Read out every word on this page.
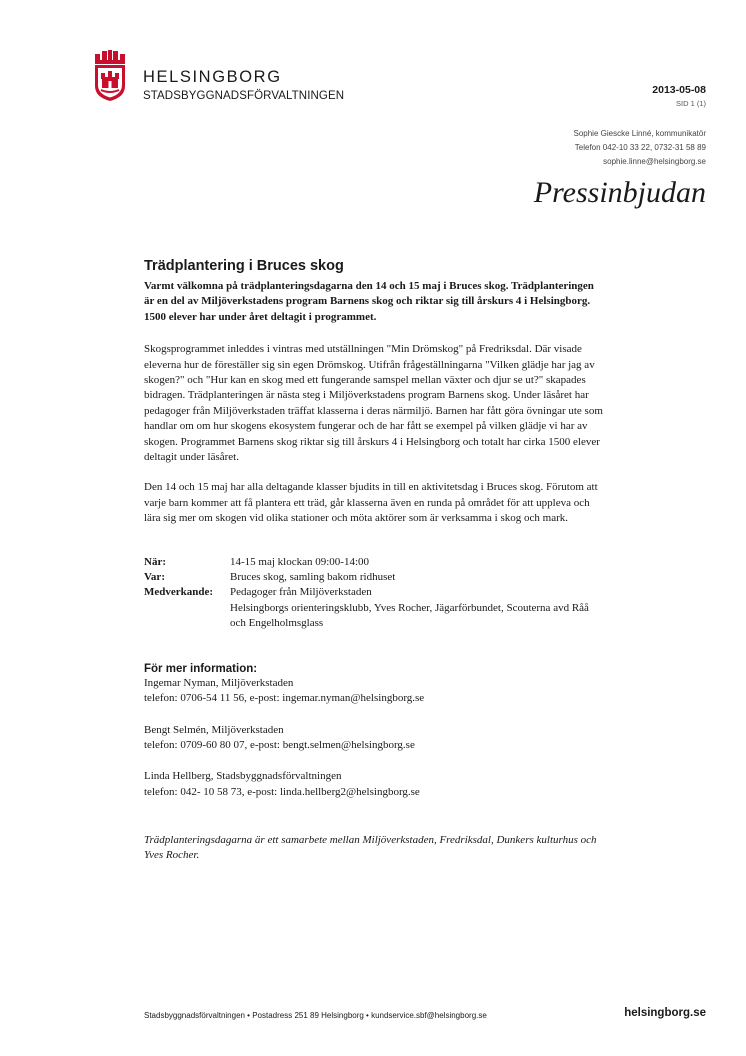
HELSINGBORG
STADSBYGGNADSFÖRVALTNINGEN	2013-05-08
SID 1 (1)
Sophie Giescke Linné, kommunikatör
Telefon 042-10 33 22, 0732-31 58 89
sophie.linne@helsingborg.se
Pressinbjudan
Trädplantering i Bruces skog

Varmt välkomna på trädplanteringsdagarna den 14 och 15 maj i Bruces skog. Trädplanteringen är en del av Miljöverkstadens program Barnens skog och riktar sig till årskurs 4 i Helsingborg. 1500 elever har under året deltagit i programmet.

Skogsprogrammet inleddes i vintras med utställningen "Min Drömskog" på Fredriksdal. Där visade eleverna hur de föreställer sig sin egen Drömskog. Utifrån frågeställningarna "Vilken glädje har jag av skogen?" och "Hur kan en skog med ett fungerande samspel mellan växter och djur se ut?" skapades bidragen. Trädplanteringen är nästa steg i Miljöverkstadens program Barnens skog. Under läsåret har pedagoger från Miljöverkstaden träffat klasserna i deras närmiljö. Barnen har fått göra övningar ute som handlar om om hur skogens ekosystem fungerar och de har fått se exempel på vilken glädje vi har av skogen. Programmet Barnens skog riktar sig till årskurs 4 i Helsingborg och totalt har cirka 1500 elever deltagit under läsåret.

Den 14 och 15 maj har alla deltagande klasser bjudits in till en aktivitetsdag i Bruces skog. Förutom att varje barn kommer att få plantera ett träd, går klasserna även en runda på området för att uppleva och lära sig mer om skogen vid olika stationer och möta aktörer som är verksamma i skog och mark.

När:	14-15 maj klockan 09:00-14:00
Var:	Bruces skog, samling bakom ridhuset
Medverkande:	Pedagoger från Miljöverkstaden
Helsingborgs orienteringsklubb, Yves Rocher, Jägarförbundet, Scouterna avd Råå och Engelholmsglass
För mer information:
Ingemar Nyman, Miljöverkstaden
telefon: 0706-54 11 56, e-post: ingemar.nyman@helsingborg.se
Bengt Selmén, Miljöverkstaden
telefon: 0709-60 80 07, e-post: bengt.selmen@helsingborg.se
Linda Hellberg, Stadsbyggnadsförvaltningen
telefon: 042- 10 58 73, e-post: linda.hellberg2@helsingborg.se

Trädplanteringsdagarna är ett samarbete mellan Miljöverkstaden, Fredriksdal, Dunkers kulturhus och Yves Rocher.

Stadsbyggnadsförvaltningen • Postadress 251 89 Helsingborg • kundservice.sbf@helsingborg.se	helsingborg.se
